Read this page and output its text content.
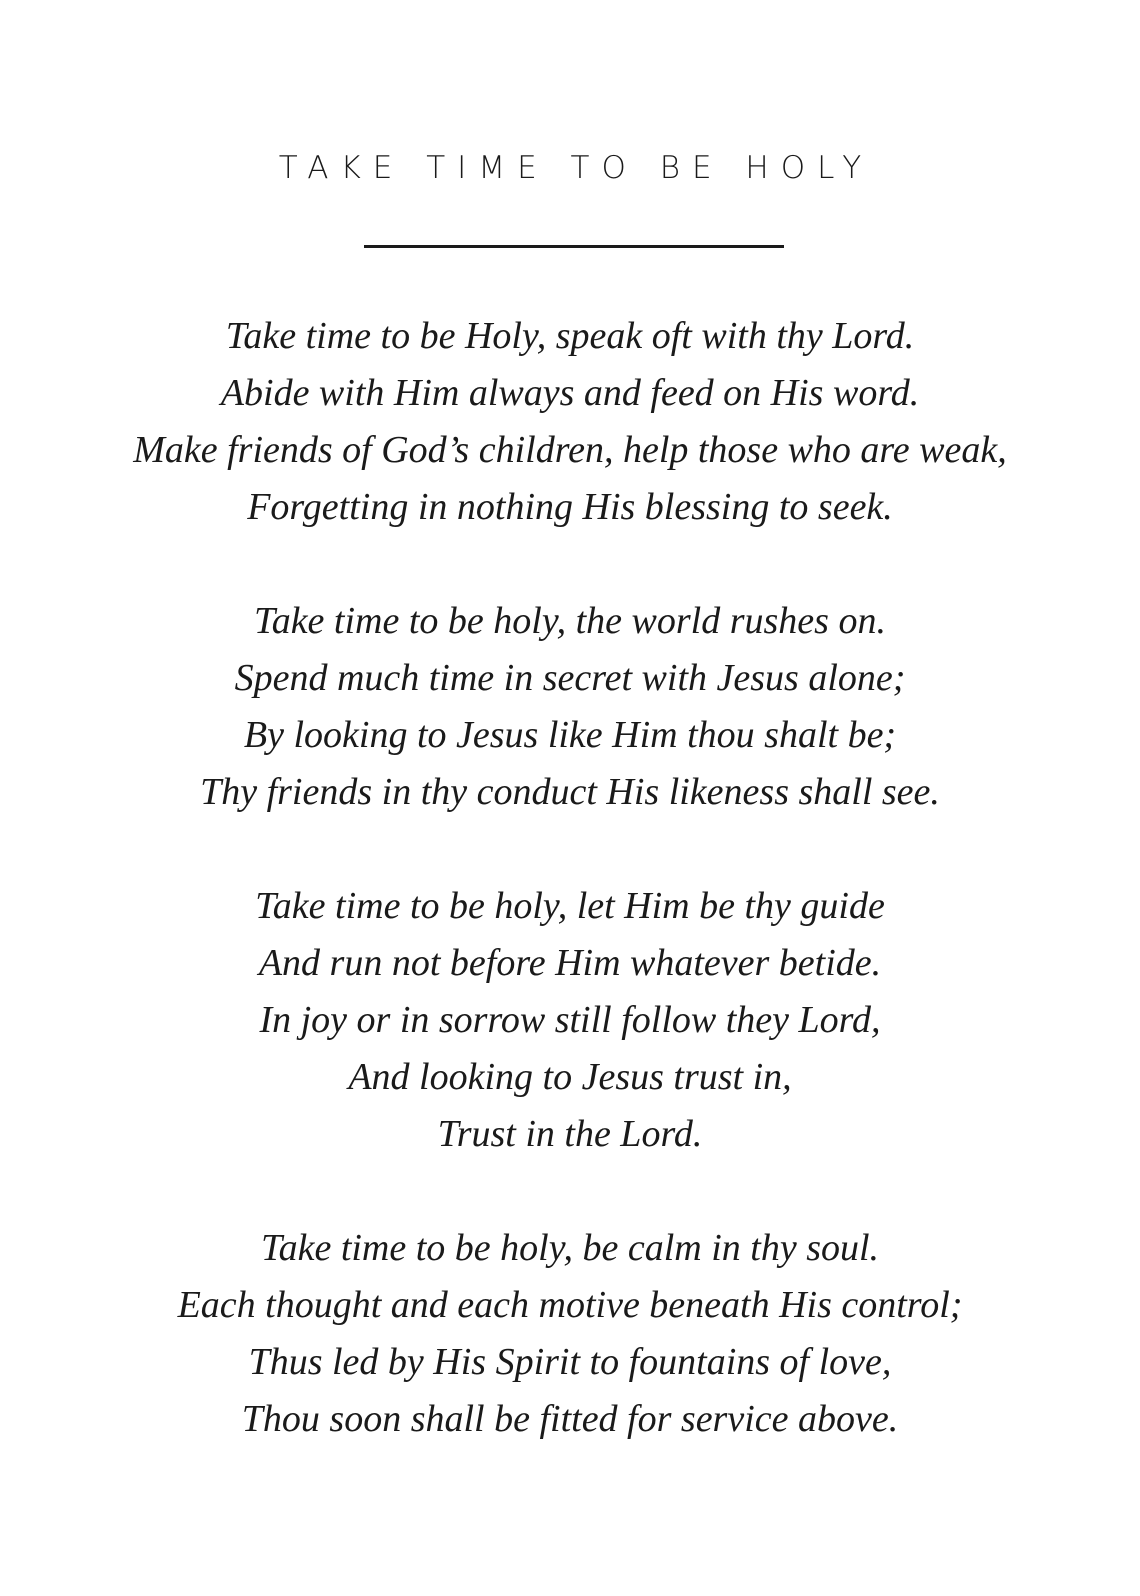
TAKE TIME TO BE HOLY
Take time to be Holy, speak oft with thy Lord.
Abide with Him always and feed on His word.
Make friends of God’s children, help those who are weak,
Forgetting in nothing His blessing to seek.
Take time to be holy, the world rushes on.
Spend much time in secret with Jesus alone;
By looking to Jesus like Him thou shalt be;
Thy friends in thy conduct His likeness shall see.
Take time to be holy, let Him be thy guide
And run not before Him whatever betide.
In joy or in sorrow still follow they Lord,
And looking to Jesus trust in,
Trust in the Lord.
Take time to be holy, be calm in thy soul.
Each thought and each motive beneath His control;
Thus led by His Spirit to fountains of love,
Thou soon shall be fitted for service above.
